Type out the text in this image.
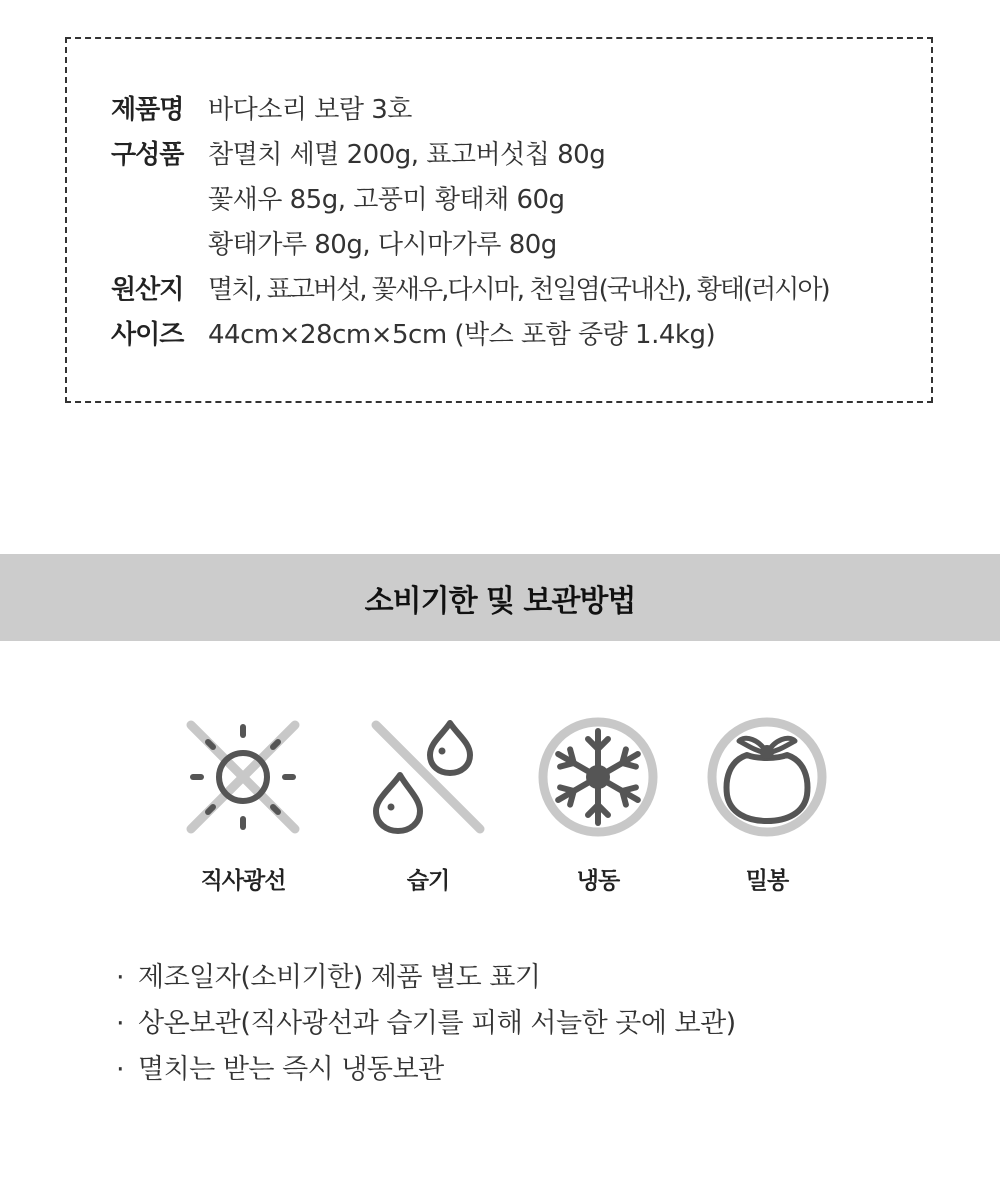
제품명 바다소리 보람 3호
구성품 참멸치 세멸 200g, 표고버섯칩 80g
꽃새우 85g, 고풍미 황태채 60g
황태가루 80g, 다시마가루 80g
원산지 멸치, 표고버섯, 꽃새우,다시마, 천일염(국내산), 황태(러시아)
사이즈 44cm×28cm×5cm (박스 포함 중량 1.4kg)
소비기한 및 보관방법
직사광선	습기	냉동	밀봉
· 제조일자(소비기한) 제품 별도 표기
· 상온보관(직사광선과 습기를 피해 서늘한 곳에 보관)
· 멸치는 받는 즉시 냉동보관
